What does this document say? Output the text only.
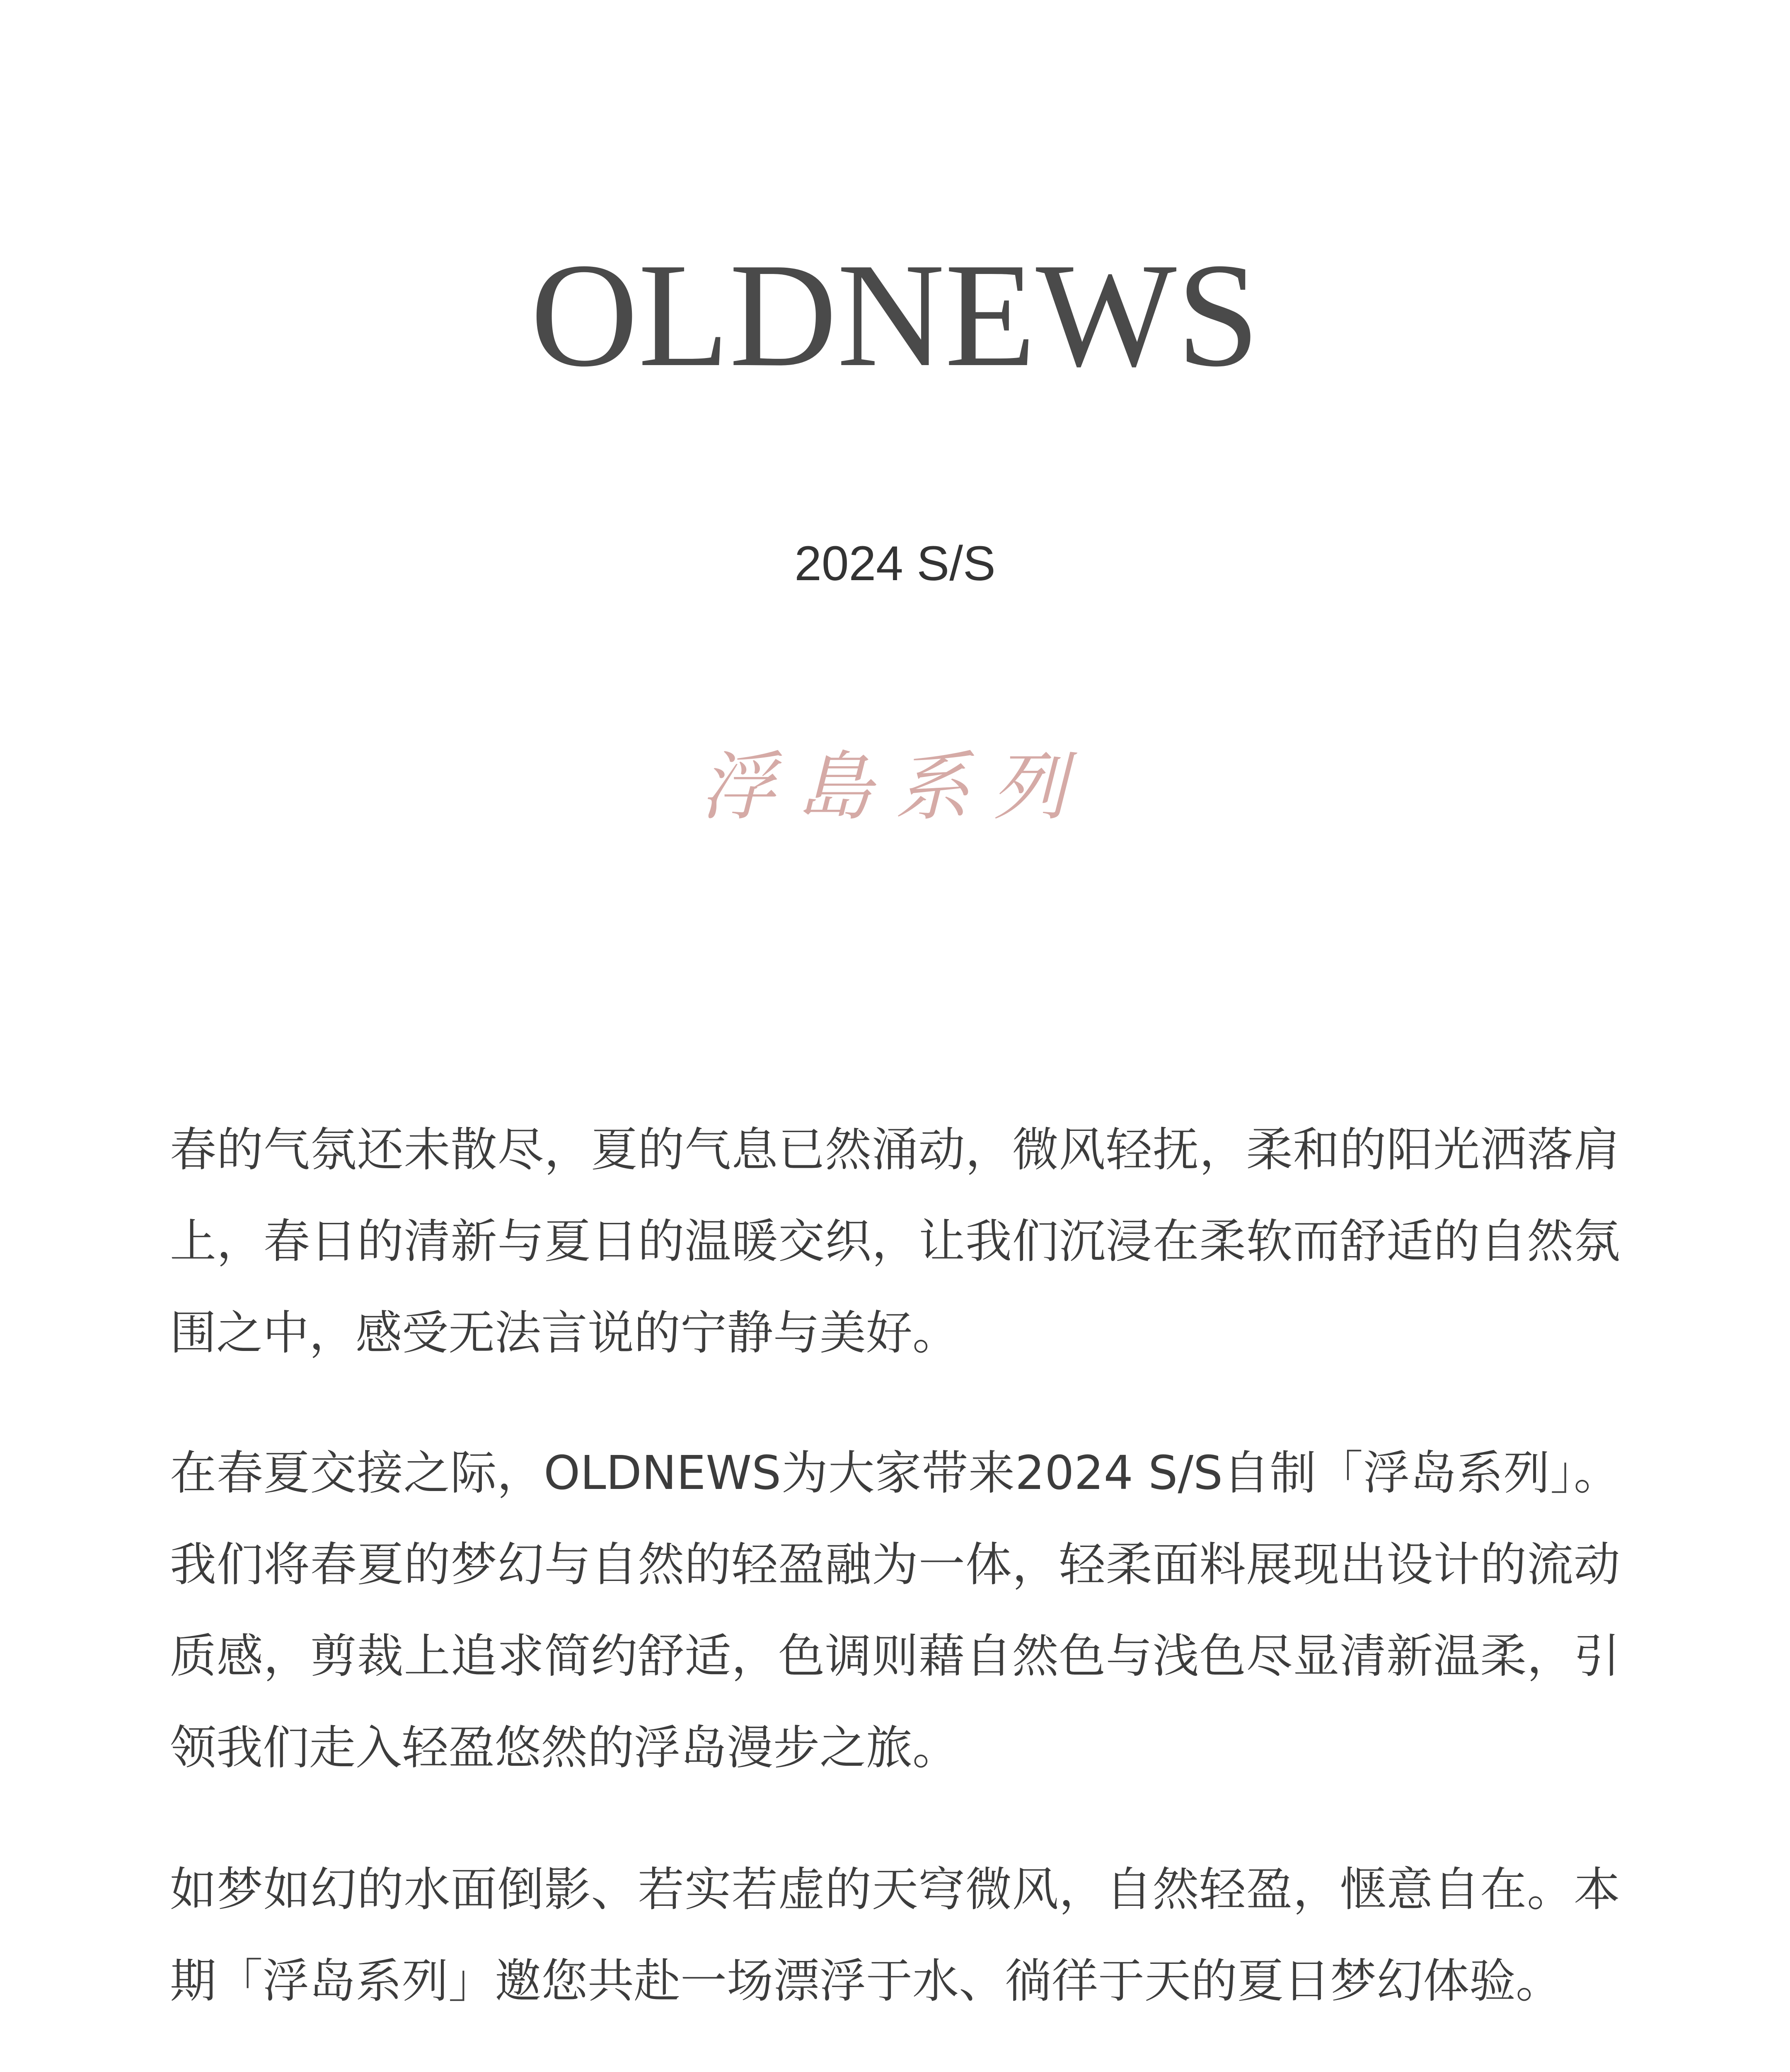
OLDNEWS
2024 S/S
浮島系列

春的气氛还未散尽，夏的气息已然涌动，微风轻抚，柔和的阳光洒落肩上，春日的清新与夏日的温暖交织，让我们沉浸在柔软而舒适的自然氛围之中，感受无法言说的宁静与美好。

在春夏交接之际，OLDNEWS为大家带来2024 S/S自制「浮岛系列」。我们将春夏的梦幻与自然的轻盈融为一体，轻柔面料展现出设计的流动质感，剪裁上追求简约舒适，色调则藉自然色与浅色尽显清新温柔，引领我们走入轻盈悠然的浮岛漫步之旅。

如梦如幻的水面倒影、若实若虚的天穹微风，自然轻盈，惬意自在。本期「浮岛系列」邀您共赴一场漂浮于水、徜徉于天的夏日梦幻体验。
